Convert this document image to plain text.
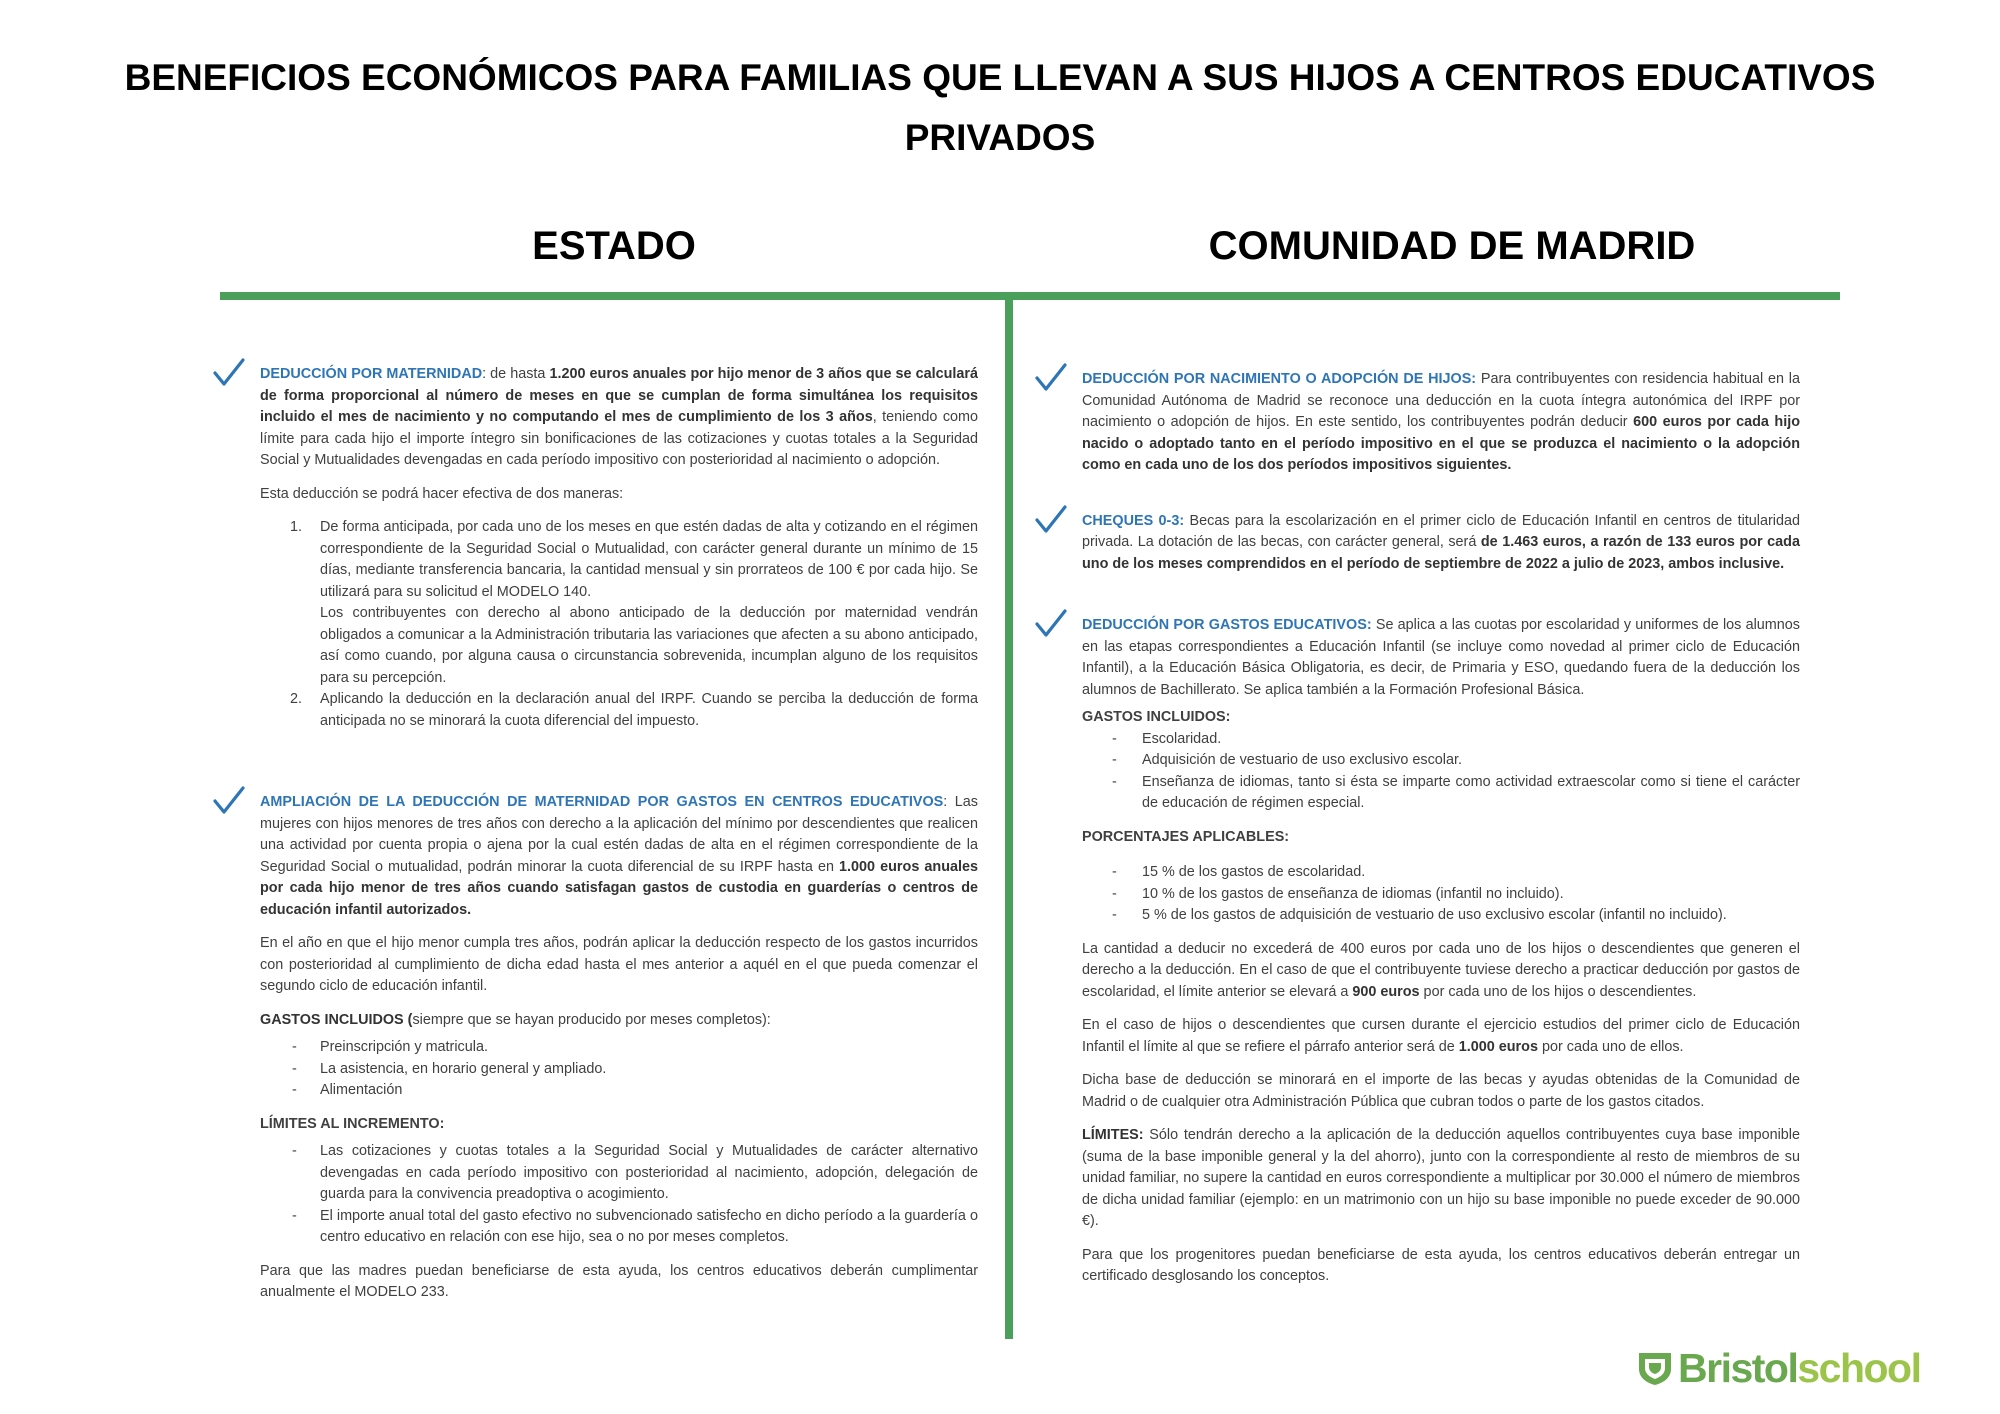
BENEFICIOS ECONÓMICOS PARA FAMILIAS QUE LLEVAN A SUS HIJOS A CENTROS EDUCATIVOS PRIVADOS
ESTADO	COMUNIDAD DE MADRID

DEDUCCIÓN POR MATERNIDAD: de hasta 1.200 euros anuales por hijo menor de 3 años que se calculará de forma proporcional al número de meses en que se cumplan de forma simultánea los requisitos incluido el mes de nacimiento y no computando el mes de cumplimiento de los 3 años, teniendo como límite para cada hijo el importe íntegro sin bonificaciones de las cotizaciones y cuotas totales a la Seguridad Social y Mutualidades devengadas en cada período impositivo con posterioridad al nacimiento o adopción.

Esta deducción se podrá hacer efectiva de dos maneras:

1. De forma anticipada, por cada uno de los meses en que estén dadas de alta y cotizando en el régimen correspondiente de la Seguridad Social o Mutualidad, con carácter general durante un mínimo de 15 días, mediante transferencia bancaria, la cantidad mensual y sin prorrateos de 100 € por cada hijo. Se utilizará para su solicitud el MODELO 140.
Los contribuyentes con derecho al abono anticipado de la deducción por maternidad vendrán obligados a comunicar a la Administración tributaria las variaciones que afecten a su abono anticipado, así como cuando, por alguna causa o circunstancia sobrevenida, incumplan alguno de los requisitos para su percepción.
2. Aplicando la deducción en la declaración anual del IRPF. Cuando se perciba la deducción de forma anticipada no se minorará la cuota diferencial del impuesto.

AMPLIACIÓN DE LA DEDUCCIÓN DE MATERNIDAD POR GASTOS EN CENTROS EDUCATIVOS: Las mujeres con hijos menores de tres años con derecho a la aplicación del mínimo por descendientes que realicen una actividad por cuenta propia o ajena por la cual estén dadas de alta en el régimen correspondiente de la Seguridad Social o mutualidad, podrán minorar la cuota diferencial de su IRPF hasta en 1.000 euros anuales por cada hijo menor de tres años cuando satisfagan gastos de custodia en guarderías o centros de educación infantil autorizados.

En el año en que el hijo menor cumpla tres años, podrán aplicar la deducción respecto de los gastos incurridos con posterioridad al cumplimiento de dicha edad hasta el mes anterior a aquél en el que pueda comenzar el segundo ciclo de educación infantil.

GASTOS INCLUIDOS (siempre que se hayan producido por meses completos):

- Preinscripción y matricula.
- La asistencia, en horario general y ampliado.
- Alimentación

LÍMITES AL INCREMENTO:

- Las cotizaciones y cuotas totales a la Seguridad Social y Mutualidades de carácter alternativo devengadas en cada período impositivo con posterioridad al nacimiento, adopción, delegación de guarda para la convivencia preadoptiva o acogimiento.
- El importe anual total del gasto efectivo no subvencionado satisfecho en dicho período a la guardería o centro educativo en relación con ese hijo, sea o no por meses completos.

Para que las madres puedan beneficiarse de esta ayuda, los centros educativos deberán cumplimentar anualmente el MODELO 233.

DEDUCCIÓN POR NACIMIENTO O ADOPCIÓN DE HIJOS: Para contribuyentes con residencia habitual en la Comunidad Autónoma de Madrid se reconoce una deducción en la cuota íntegra autonómica del IRPF por nacimiento o adopción de hijos. En este sentido, los contribuyentes podrán deducir 600 euros por cada hijo nacido o adoptado tanto en el período impositivo en el que se produzca el nacimiento o la adopción como en cada uno de los dos períodos impositivos siguientes.

CHEQUES 0-3: Becas para la escolarización en el primer ciclo de Educación Infantil en centros de titularidad privada. La dotación de las becas, con carácter general, será de 1.463 euros, a razón de 133 euros por cada uno de los meses comprendidos en el período de septiembre de 2022 a julio de 2023, ambos inclusive.

DEDUCCIÓN POR GASTOS EDUCATIVOS: Se aplica a las cuotas por escolaridad y uniformes de los alumnos en las etapas correspondientes a Educación Infantil (se incluye como novedad al primer ciclo de Educación Infantil), a la Educación Básica Obligatoria, es decir, de Primaria y ESO, quedando fuera de la deducción los alumnos de Bachillerato. Se aplica también a la Formación Profesional Básica.

GASTOS INCLUIDOS:

- Escolaridad.
- Adquisición de vestuario de uso exclusivo escolar.
- Enseñanza de idiomas, tanto si ésta se imparte como actividad extraescolar como si tiene el carácter de educación de régimen especial.

PORCENTAJES APLICABLES:

- 15 % de los gastos de escolaridad.
- 10 % de los gastos de enseñanza de idiomas (infantil no incluido).
- 5 % de los gastos de adquisición de vestuario de uso exclusivo escolar (infantil no incluido).

La cantidad a deducir no excederá de 400 euros por cada uno de los hijos o descendientes que generen el derecho a la deducción. En el caso de que el contribuyente tuviese derecho a practicar deducción por gastos de escolaridad, el límite anterior se elevará a 900 euros por cada uno de los hijos o descendientes.

En el caso de hijos o descendientes que cursen durante el ejercicio estudios del primer ciclo de Educación Infantil el límite al que se refiere el párrafo anterior será de 1.000 euros por cada uno de ellos.

Dicha base de deducción se minorará en el importe de las becas y ayudas obtenidas de la Comunidad de Madrid o de cualquier otra Administración Pública que cubran todos o parte de los gastos citados.

LÍMITES: Sólo tendrán derecho a la aplicación de la deducción aquellos contribuyentes cuya base imponible (suma de la base imponible general y la del ahorro), junto con la correspondiente al resto de miembros de su unidad familiar, no supere la cantidad en euros correspondiente a multiplicar por 30.000 el número de miembros de dicha unidad familiar (ejemplo: en un matrimonio con un hijo su base imponible no puede exceder de 90.000 €).

Para que los progenitores puedan beneficiarse de esta ayuda, los centros educativos deberán entregar un certificado desglosando los conceptos.

Bristol school
